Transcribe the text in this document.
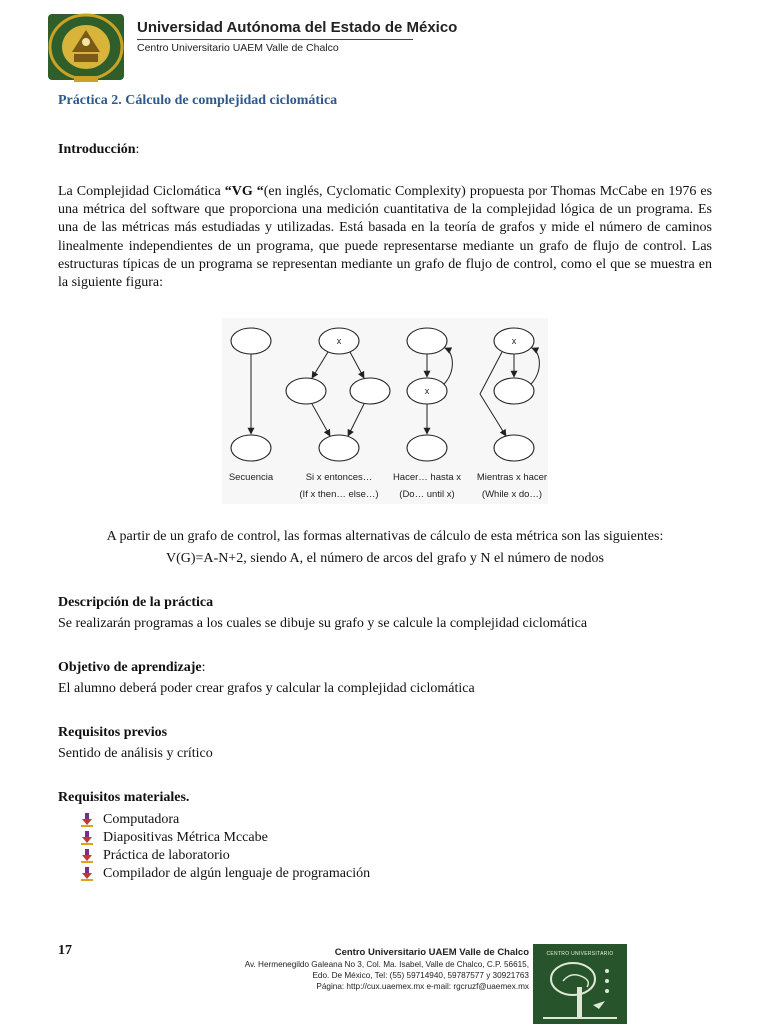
Universidad Autónoma del Estado de México
Centro Universitario UAEM Valle de Chalco
Práctica 2. Cálculo de complejidad ciclomática
Introducción:
La Complejidad Ciclomática “VG “(en inglés, Cyclomatic Complexity) propuesta por Thomas McCabe en 1976 es una métrica del software que proporciona una medición cuantitativa de la complejidad lógica de un programa. Es una de las métricas más estudiadas y utilizadas. Está basada en la teoría de grafos y mide el número de caminos linealmente independientes de un programa, que puede representarse mediante un grafo de flujo de control. Las estructuras típicas de un programa se representan mediante un grafo de flujo de control, como el que se muestra en la siguiente figura:
x
x
x
Secuencia	Si x entonces…
(If x then… else…)
Hacer… hasta x
(Do… until x)
Mientras x hacer
(While x do…)
A partir de un grafo de control, las formas alternativas de cálculo de esta métrica son las siguientes:
V(G)=A-N+2, siendo A, el número de arcos del grafo y N el número de nodos
Descripción de la práctica
Se realizarán programas a los cuales se dibuje su grafo y se calcule la complejidad ciclomática
Objetivo de aprendizaje:
El alumno deberá poder crear grafos y calcular la complejidad ciclomática
Requisitos previos
Sentido de análisis y crítico
Requisitos materiales.
Computadora
Diapositivas Métrica Mccabe
Práctica de laboratorio
Compilador de algún lenguaje de programación
17	Centro Universitario UAEM Valle de Chalco
Av. Hermenegildo Galeana No 3, Col. Ma. Isabel, Valle de Chalco, C.P. 56615,
Edo. De México, Tel: (55) 59714940, 59787577 y 30921763
Página: http://cux.uaemex.mx e-mail: rgcruzf@uaemex.mx
CENTRO UNIVERSITARIO
